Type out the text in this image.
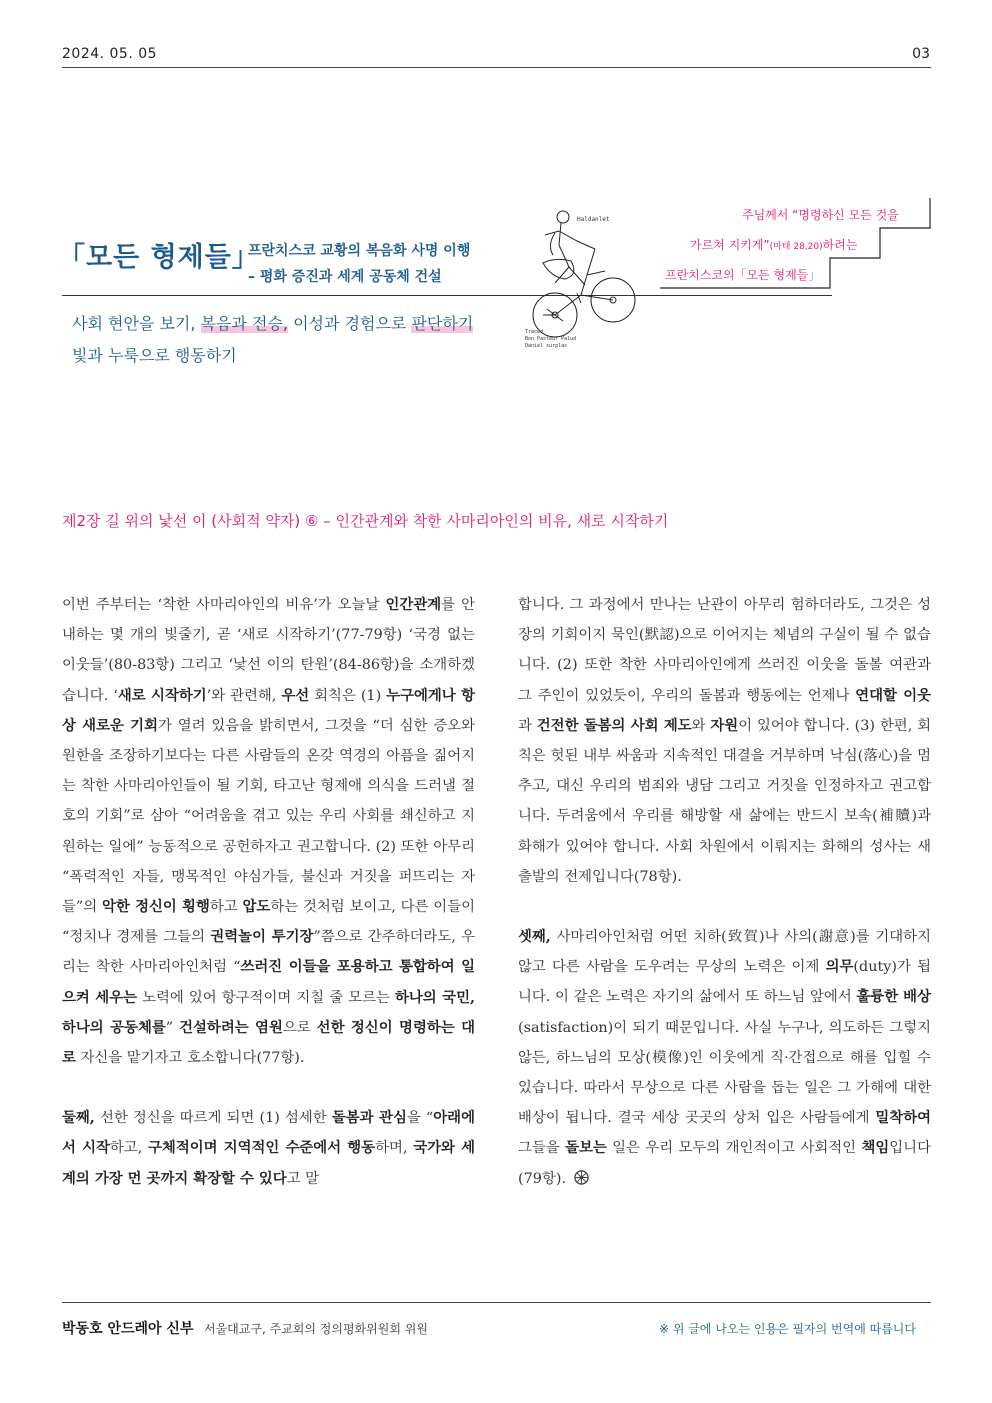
2024. 05. 05	03
「모든 형제들」
프란치스코 교황의 복음화 사명 이행
– 평화 증진과 세계 공동체 건설
사회 현안을 보기, 복음과 전승, 이성과 경험으로 판단하기
빛과 누룩으로 행동하기
주님께서 “명령하신 모든 것을
가르쳐 지키게”(마태 28,20)하려는
프란치스코의「모든 형제들」
Haldanlet
Traced
Bon Pasteur Palud
Daniel surplas
제2장 길 위의 낯선 이 (사회적 약자) ⑥ – 인간관계와 착한 사마리아인의 비유, 새로 시작하기

이번 주부터는 ‘착한 사마리아인의 비유’가 오늘날 인간관계를 안내하는 몇 개의 빛줄기, 곧 ‘새로 시작하기’(77-79항) ‘국경 없는 이웃들’(80-83항) 그리고 ‘낯선 이의 탄원’(84-86항)을 소개하겠습니다. ‘새로 시작하기’와 관련해, 우선 회칙은 (1) 누구에게나 항상 새로운 기회가 열려 있음을 밝히면서, 그것을 “더 심한 증오와 원한을 조장하기보다는 다른 사람들의 온갖 역경의 아픔을 짊어지는 착한 사마리아인들이 될 기회, 타고난 형제애 의식을 드러낼 절호의 기회”로 삼아 “어려움을 겪고 있는 우리 사회를 쇄신하고 지원하는 일에” 능동적으로 공헌하자고 권고합니다. (2) 또한 아무리 “폭력적인 자들, 맹목적인 야심가들, 불신과 거짓을 퍼뜨리는 자들”의 악한 정신이 횡행하고 압도하는 것처럼 보이고, 다른 이들이 “정치나 경제를 그들의 권력놀이 투기장”쯤으로 간주하더라도, 우리는 착한 사마리아인처럼 “쓰러진 이들을 포용하고 통합하여 일으켜 세우는 노력에 있어 항구적이며 지칠 줄 모르는 하나의 국민, 하나의 공동체를” 건설하려는 염원으로 선한 정신이 명령하는 대로 자신을 맡기자고 호소합니다(77항).

둘째, 선한 정신을 따르게 되면 (1) 섬세한 돌봄과 관심을 “아래에서 시작하고, 구체적이며 지역적인 수준에서 행동하며, 국가와 세계의 가장 먼 곳까지 확장할 수 있다고 말

합니다. 그 과정에서 만나는 난관이 아무리 험하더라도, 그것은 성장의 기회이지 묵인(默認)으로 이어지는 체념의 구실이 될 수 없습니다. (2) 또한 착한 사마리아인에게 쓰러진 이웃을 돌볼 여관과 그 주인이 있었듯이, 우리의 돌봄과 행동에는 언제나 연대할 이웃과 건전한 돌봄의 사회 제도와 자원이 있어야 합니다. (3) 한편, 회칙은 헛된 내부 싸움과 지속적인 대결을 거부하며 낙심(落心)을 멈추고, 대신 우리의 범죄와 냉담 그리고 거짓을 인정하자고 권고합니다. 두려움에서 우리를 해방할 새 삶에는 반드시 보속(補贖)과 화해가 있어야 합니다. 사회 차원에서 이뤄지는 화해의 성사는 새 출발의 전제입니다(78항).

셋째, 사마리아인처럼 어떤 치하(致賀)나 사의(謝意)를 기대하지 않고 다른 사람을 도우려는 무상의 노력은 이제 의무(duty)가 됩니다. 이 같은 노력은 자기의 삶에서 또 하느님 앞에서 훌륭한 배상(satisfaction)이 되기 때문입니다. 사실 누구나, 의도하든 그렇지 않든, 하느님의 모상(模像)인 이웃에게 직·간접으로 해를 입힐 수 있습니다. 따라서 무상으로 다른 사람을 돕는 일은 그 가해에 대한 배상이 됩니다. 결국 세상 곳곳의 상처 입은 사람들에게 밀착하여 그들을 돌보는 일은 우리 모두의 개인적이고 사회적인 책임입니다(79항).

박동호 안드레아 신부 서울대교구, 주교회의 정의평화위원회 위원	※ 위 글에 나오는 인용은 필자의 번역에 따릅니다
